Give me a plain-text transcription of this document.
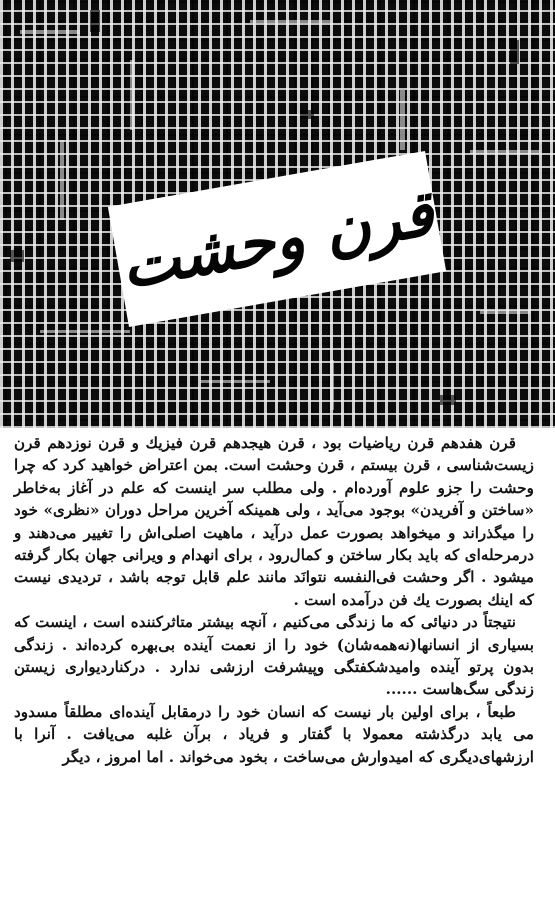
قرن وحشت

قرن هفدهم قرن ریاضیات بود ، قرن هیجدهم قرن فیزیك و قرن نوزدهم قرن زیست‌شناسی ، قرن بیستم ، قرن وحشت است. بمن اعتراض خواهید کرد که چرا وحشت را جزو علوم آورده‌ام . ولی مطلب سر اینست که علم در آغاز به‌خاطر «ساختن و آفریدن» بوجود می‌آید ، ولی همینکه آخرین مراحل دوران «نظری» خود را میگذراند و میخواهد بصورت عمل درآید ، ماهیت اصلی‌اش را تغییر می‌دهند و درمرحله‌ای که باید بکار ساختن و کمال‌رود ، برای انهدام و ویرانی جهان بکار گرفته میشود . اگر وحشت فی‌النفسه نتوانَد مانند علم قابل توجه باشد ، تردیدی نیست که اینك بصورت یك فن درآمده است .

نتیجتاً در دنیائی که ما زندگی می‌کنیم ، آنچه بیشتر متاثرکننده است ، اینست که بسیاری از انسانها(نه‌همه‌شان) خود را از نعمت آینده بی‌بهره کرده‌اند . زندگی بدون پرتو آینده وامیدشکفتگی وپیشرفت ارزشی ندارد . درکنارديواری زیستن زندگی سگ‌هاست ......

طبعاً ، برای اولین بار نیست که انسان خود را درمقابل آینده‌ای مطلقاً مسدود می یابد درگذشته معمولا با گفتار و فریاد ، برآن غلبه می‌یافت . آنرا با ارزشهای‌دیگری که امیدوارش می‌ساخت ، بخود می‌خواند . اما امروز ، دیگر
